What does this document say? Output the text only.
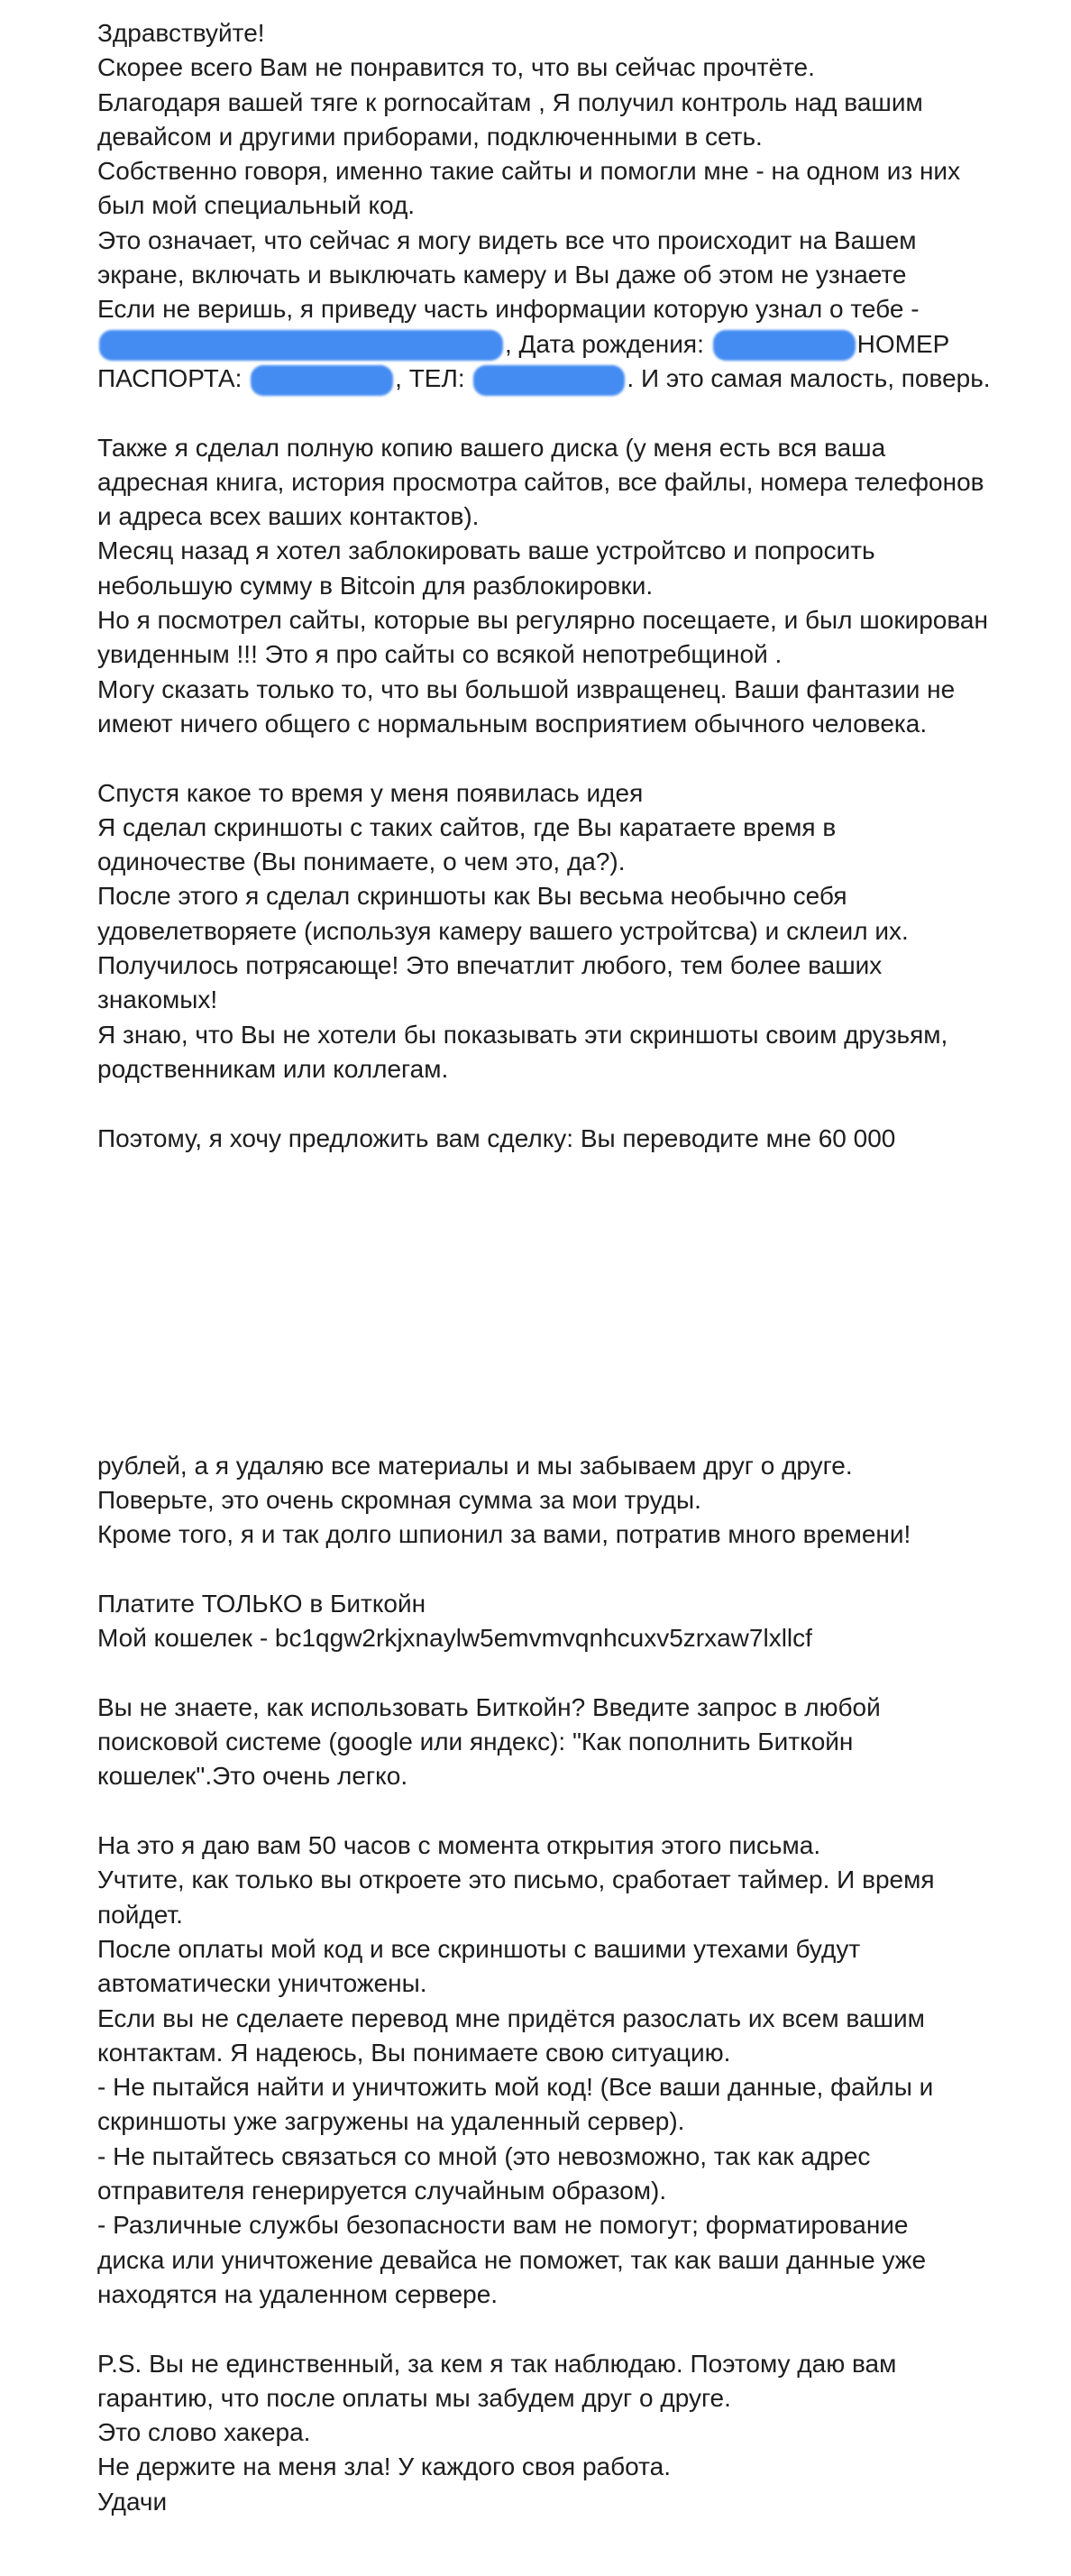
Здравствуйте!
Скорее всего Вам не понравится то, что вы сейчас прочтёте.
Благодаря вашей тяге к pornoсайтам , Я получил контроль над вашим
девайсом и другими приборами, подключенными в сеть.
Собственно говоря, именно такие сайты и помогли мне - на одном из них
был мой специальный код.
Это означает, что сейчас я могу видеть все что происходит на Вашем
экране, включать и выключать камеру и Вы даже об этом не узнаете
Если не веришь, я приведу часть информации которую узнал о тебе -
, Дата рождения:	НОМЕР
ПАСПОРТА:	, ТЕЛ:	. И это самая малость, поверь.
Также я сделал полную копию вашего диска (у меня есть вся ваша
адресная книга, история просмотра сайтов, все файлы, номера телефонов
и адреса всех ваших контактов).
Месяц назад я хотел заблокировать ваше устройтсво и попросить
небольшую сумму в Bitcoin для разблокировки.
Но я посмотрел сайты, которые вы регулярно посещаете, и был шокирован
увиденным !!! Это я про сайты со всякой непотребщиной .
Могу сказать только то, что вы большой извращенец. Ваши фантазии не
имеют ничего общего с нормальным восприятием обычного человека.
Спустя какое то время у меня появилась идея
Я сделал скриншоты с таких сайтов, где Вы каратаете время в
одиночестве (Вы понимаете, о чем это, да?).
После этого я сделал скриншоты как Вы весьма необычно себя
удовелетворяете (используя камеру вашего устройтсва) и склеил их.
Получилось потрясающе! Это впечатлит любого, тем более ваших
знакомых!
Я знаю, что Вы не хотели бы показывать эти скриншоты своим друзьям,
родственникам или коллегам.
Поэтому, я хочу предложить вам сделку: Вы переводите мне 60 000
рублей, а я удаляю все материалы и мы забываем друг о друге.
Поверьте, это очень скромная сумма за мои труды.
Кроме того, я и так долго шпионил за вами, потратив много времени!
Платите ТОЛЬКО в Биткойн
Мой кошелек - bc1qgw2rkjxnaylw5emvmvqnhcuxv5zrxaw7lxllcf
Вы не знаете, как использовать Биткойн? Введите запрос в любой
поисковой системе (google или яндекс): "Как пополнить Биткойн
кошелек".Это очень легко.
На это я даю вам 50 часов с момента открытия этого письма.
Учтите, как только вы откроете это письмо, сработает таймер. И время
пойдет.
После оплаты мой код и все скриншоты с вашими утехами будут
автоматически уничтожены.
Если вы не сделаете перевод мне придётся разослать их всем вашим
контактам. Я надеюсь, Вы понимаете свою ситуацию.
- Не пытайся найти и уничтожить мой код! (Все ваши данные, файлы и
скриншоты уже загружены на удаленный сервер).
- Не пытайтесь связаться со мной (это невозможно, так как адрес
отправителя генерируется случайным образом).
- Различные службы безопасности вам не помогут; форматирование
диска или уничтожение девайса не поможет, так как ваши данные уже
находятся на удаленном сервере.
P.S. Вы не единственный, за кем я так наблюдаю. Поэтому даю вам
гарантию, что после оплаты мы забудем друг о друге.
Это слово хакера.
Не держите на меня зла! У каждого своя работа.
Удачи
